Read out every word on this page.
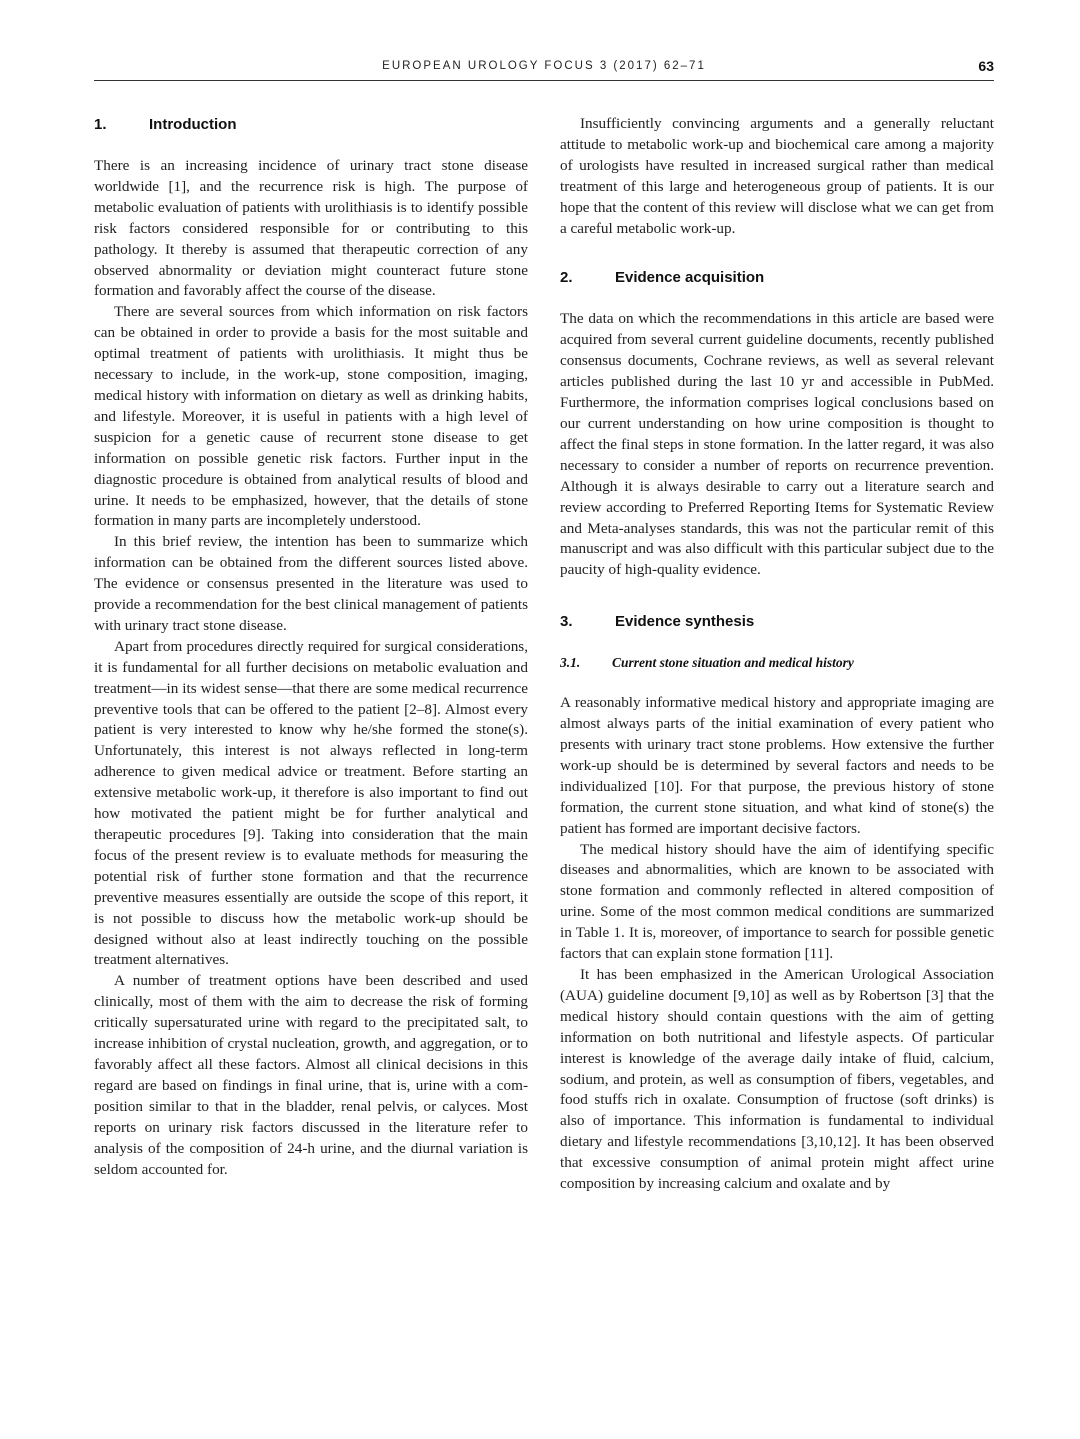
EUROPEAN UROLOGY FOCUS 3 (2017) 62–71	63
1.	Introduction

There is an increasing incidence of urinary tract stone disease worldwide [1], and the recurrence risk is high. The purpose of metabolic evaluation of patients with urolithiasis is to identify possible risk factors considered responsible for or contributing to this pathology. It thereby is assumed that therapeutic correction of any observed abnormality or deviation might counteract future stone formation and favorably affect the course of the disease.

There are several sources from which information on risk factors can be obtained in order to provide a basis for the most suitable and optimal treatment of patients with urolithiasis. It might thus be necessary to include, in the work-up, stone composition, imaging, medical history with information on dietary as well as drinking habits, and lifestyle. Moreover, it is useful in patients with a high level of suspicion for a genetic cause of recurrent stone disease to get information on possible genetic risk factors. Further input in the diagnostic procedure is obtained from analytical results of blood and urine. It needs to be emphasized, however, that the details of stone formation in many parts are incompletely understood.

In this brief review, the intention has been to summarize which information can be obtained from the different sources listed above. The evidence or consensus presented in the literature was used to provide a recommendation for the best clinical management of patients with urinary tract stone disease.

Apart from procedures directly required for surgical considerations, it is fundamental for all further decisions on metabolic evaluation and treatment—in its widest sense—that there are some medical recurrence preventive tools that can be offered to the patient [2–8]. Almost every patient is very interested to know why he/she formed the stone(s). Unfortunately, this interest is not always reflected in long-term adherence to given medical advice or treatment. Before starting an extensive metabolic work-up, it therefore is also important to find out how motivated the patient might be for further analytical and therapeutic procedures [9]. Taking into consideration that the main focus of the present review is to evaluate methods for measuring the potential risk of further stone formation and that the recurrence preventive measures essentially are outside the scope of this report, it is not possible to discuss how the metabolic work-up should be designed without also at least indirectly touching on the possible treatment alternatives.

A number of treatment options have been described and used clinically, most of them with the aim to decrease the risk of forming critically supersaturated urine with regard to the precipitated salt, to increase inhibition of crystal nucleation, growth, and aggregation, or to favorably affect all these factors. Almost all clinical decisions in this regard are based on findings in final urine, that is, urine with a composition similar to that in the bladder, renal pelvis, or calyces. Most reports on urinary risk factors discussed in the literature refer to analysis of the composition of 24-h urine, and the diurnal variation is seldom accounted for.

Insufficiently convincing arguments and a generally reluctant attitude to metabolic work-up and biochemical care among a majority of urologists have resulted in increased surgical rather than medical treatment of this large and heterogeneous group of patients. It is our hope that the content of this review will disclose what we can get from a careful metabolic work-up.

2.	Evidence acquisition

The data on which the recommendations in this article are based were acquired from several current guideline documents, recently published consensus documents, Cochrane reviews, as well as several relevant articles published during the last 10 yr and accessible in PubMed. Furthermore, the information comprises logical conclusions based on our current understanding on how urine composition is thought to affect the final steps in stone formation. In the latter regard, it was also necessary to consider a number of reports on recurrence prevention. Although it is always desirable to carry out a literature search and review according to Preferred Reporting Items for Systematic Review and Meta-analyses standards, this was not the particular remit of this manuscript and was also difficult with this particular subject due to the paucity of high-quality evidence.

3.	Evidence synthesis
3.1. Current stone situation and medical history

A reasonably informative medical history and appropriate imaging are almost always parts of the initial examination of every patient who presents with urinary tract stone problems. How extensive the further work-up should be is determined by several factors and needs to be individualized [10]. For that purpose, the previous history of stone formation, the current stone situation, and what kind of stone(s) the patient has formed are important decisive factors.

The medical history should have the aim of identifying specific diseases and abnormalities, which are known to be associated with stone formation and commonly reflected in altered composition of urine. Some of the most common medical conditions are summarized in Table 1. It is, moreover, of importance to search for possible genetic factors that can explain stone formation [11].

It has been emphasized in the American Urological Association (AUA) guideline document [9,10] as well as by Robertson [3] that the medical history should contain questions with the aim of getting information on both nutritional and lifestyle aspects. Of particular interest is knowledge of the average daily intake of fluid, calcium, sodium, and protein, as well as consumption of fibers, vegetables, and food stuffs rich in oxalate. Consumption of fructose (soft drinks) is also of importance. This information is fundamental to individual dietary and lifestyle recommendations [3,10,12]. It has been observed that excessive consumption of animal protein might affect urine composition by increasing calcium and oxalate and by
